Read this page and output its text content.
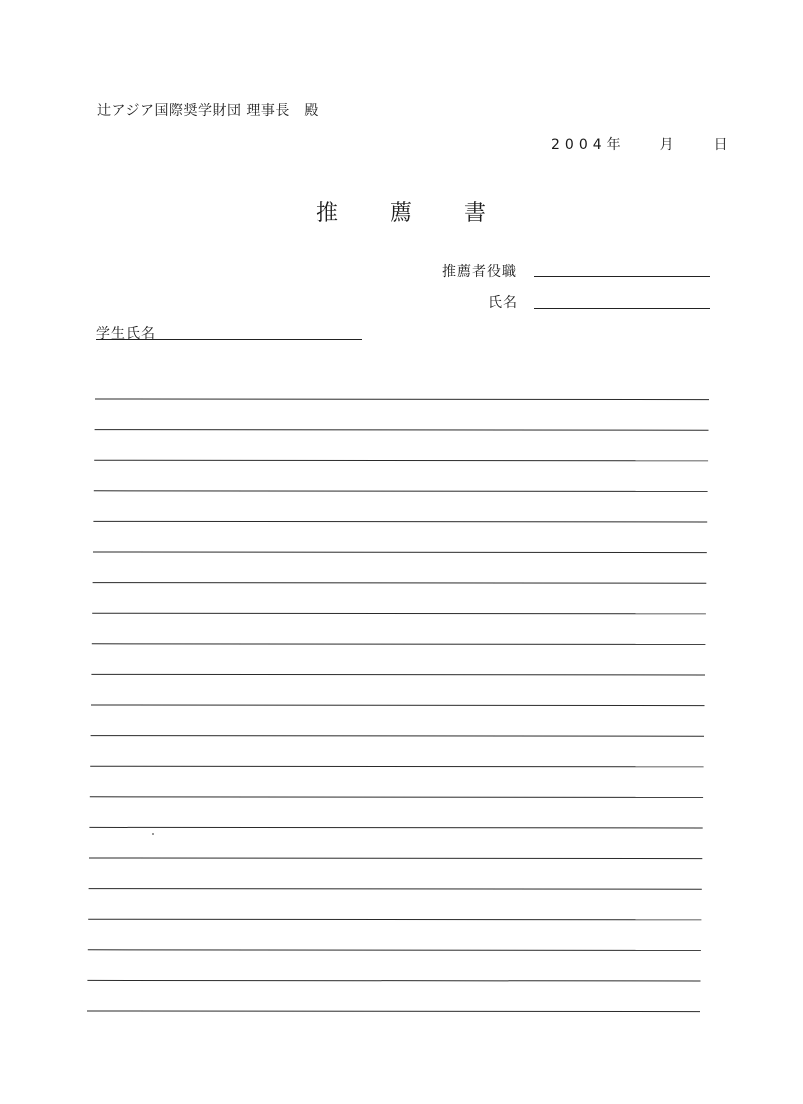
辻アジア国際奨学財団 理事長　殿
2004年 月	日
推 薦 書
推薦者役職
氏名
学生氏名
